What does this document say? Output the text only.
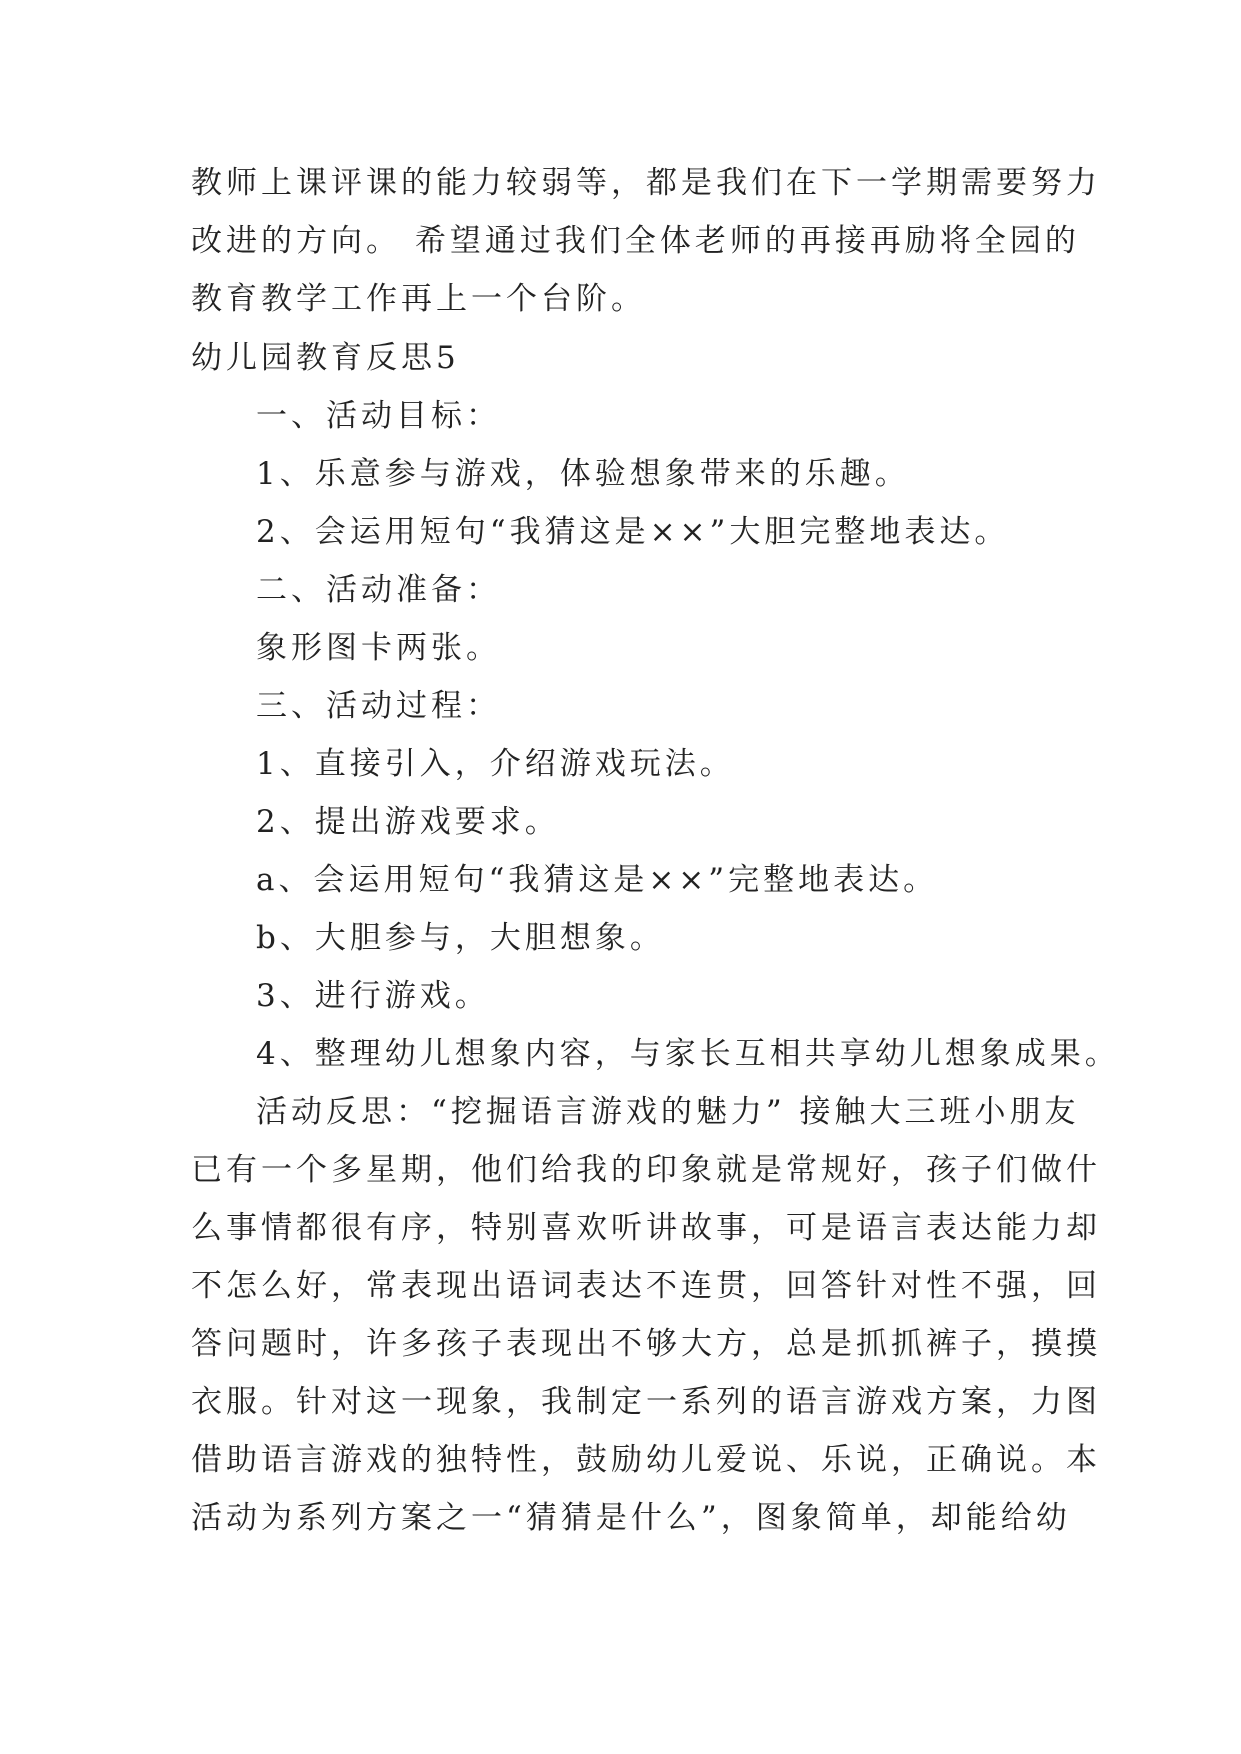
教师上课评课的能力较弱等，都是我们在下一学期需要努力
改进的方向。 希望通过我们全体老师的再接再励将全园的
教育教学工作再上一个台阶。
幼儿园教育反思5
一、活动目标：
1、乐意参与游戏，体验想象带来的乐趣。
2、会运用短句“我猜这是××”大胆完整地表达。
二、活动准备：
象形图卡两张。
三、活动过程：
1、直接引入，介绍游戏玩法。
2、提出游戏要求。
a、会运用短句“我猜这是××”完整地表达。
b、大胆参与，大胆想象。
3、进行游戏。
4、整理幼儿想象内容，与家长互相共享幼儿想象成果。
活动反思：“挖掘语言游戏的魅力” 接触大三班小朋友
已有一个多星期，他们给我的印象就是常规好，孩子们做什
么事情都很有序，特别喜欢听讲故事，可是语言表达能力却
不怎么好，常表现出语词表达不连贯，回答针对性不强，回
答问题时，许多孩子表现出不够大方，总是抓抓裤子，摸摸
衣服。针对这一现象，我制定一系列的语言游戏方案，力图
借助语言游戏的独特性，鼓励幼儿爱说、乐说，正确说。本
活动为系列方案之一“猜猜是什么”，图象简单，却能给幼
